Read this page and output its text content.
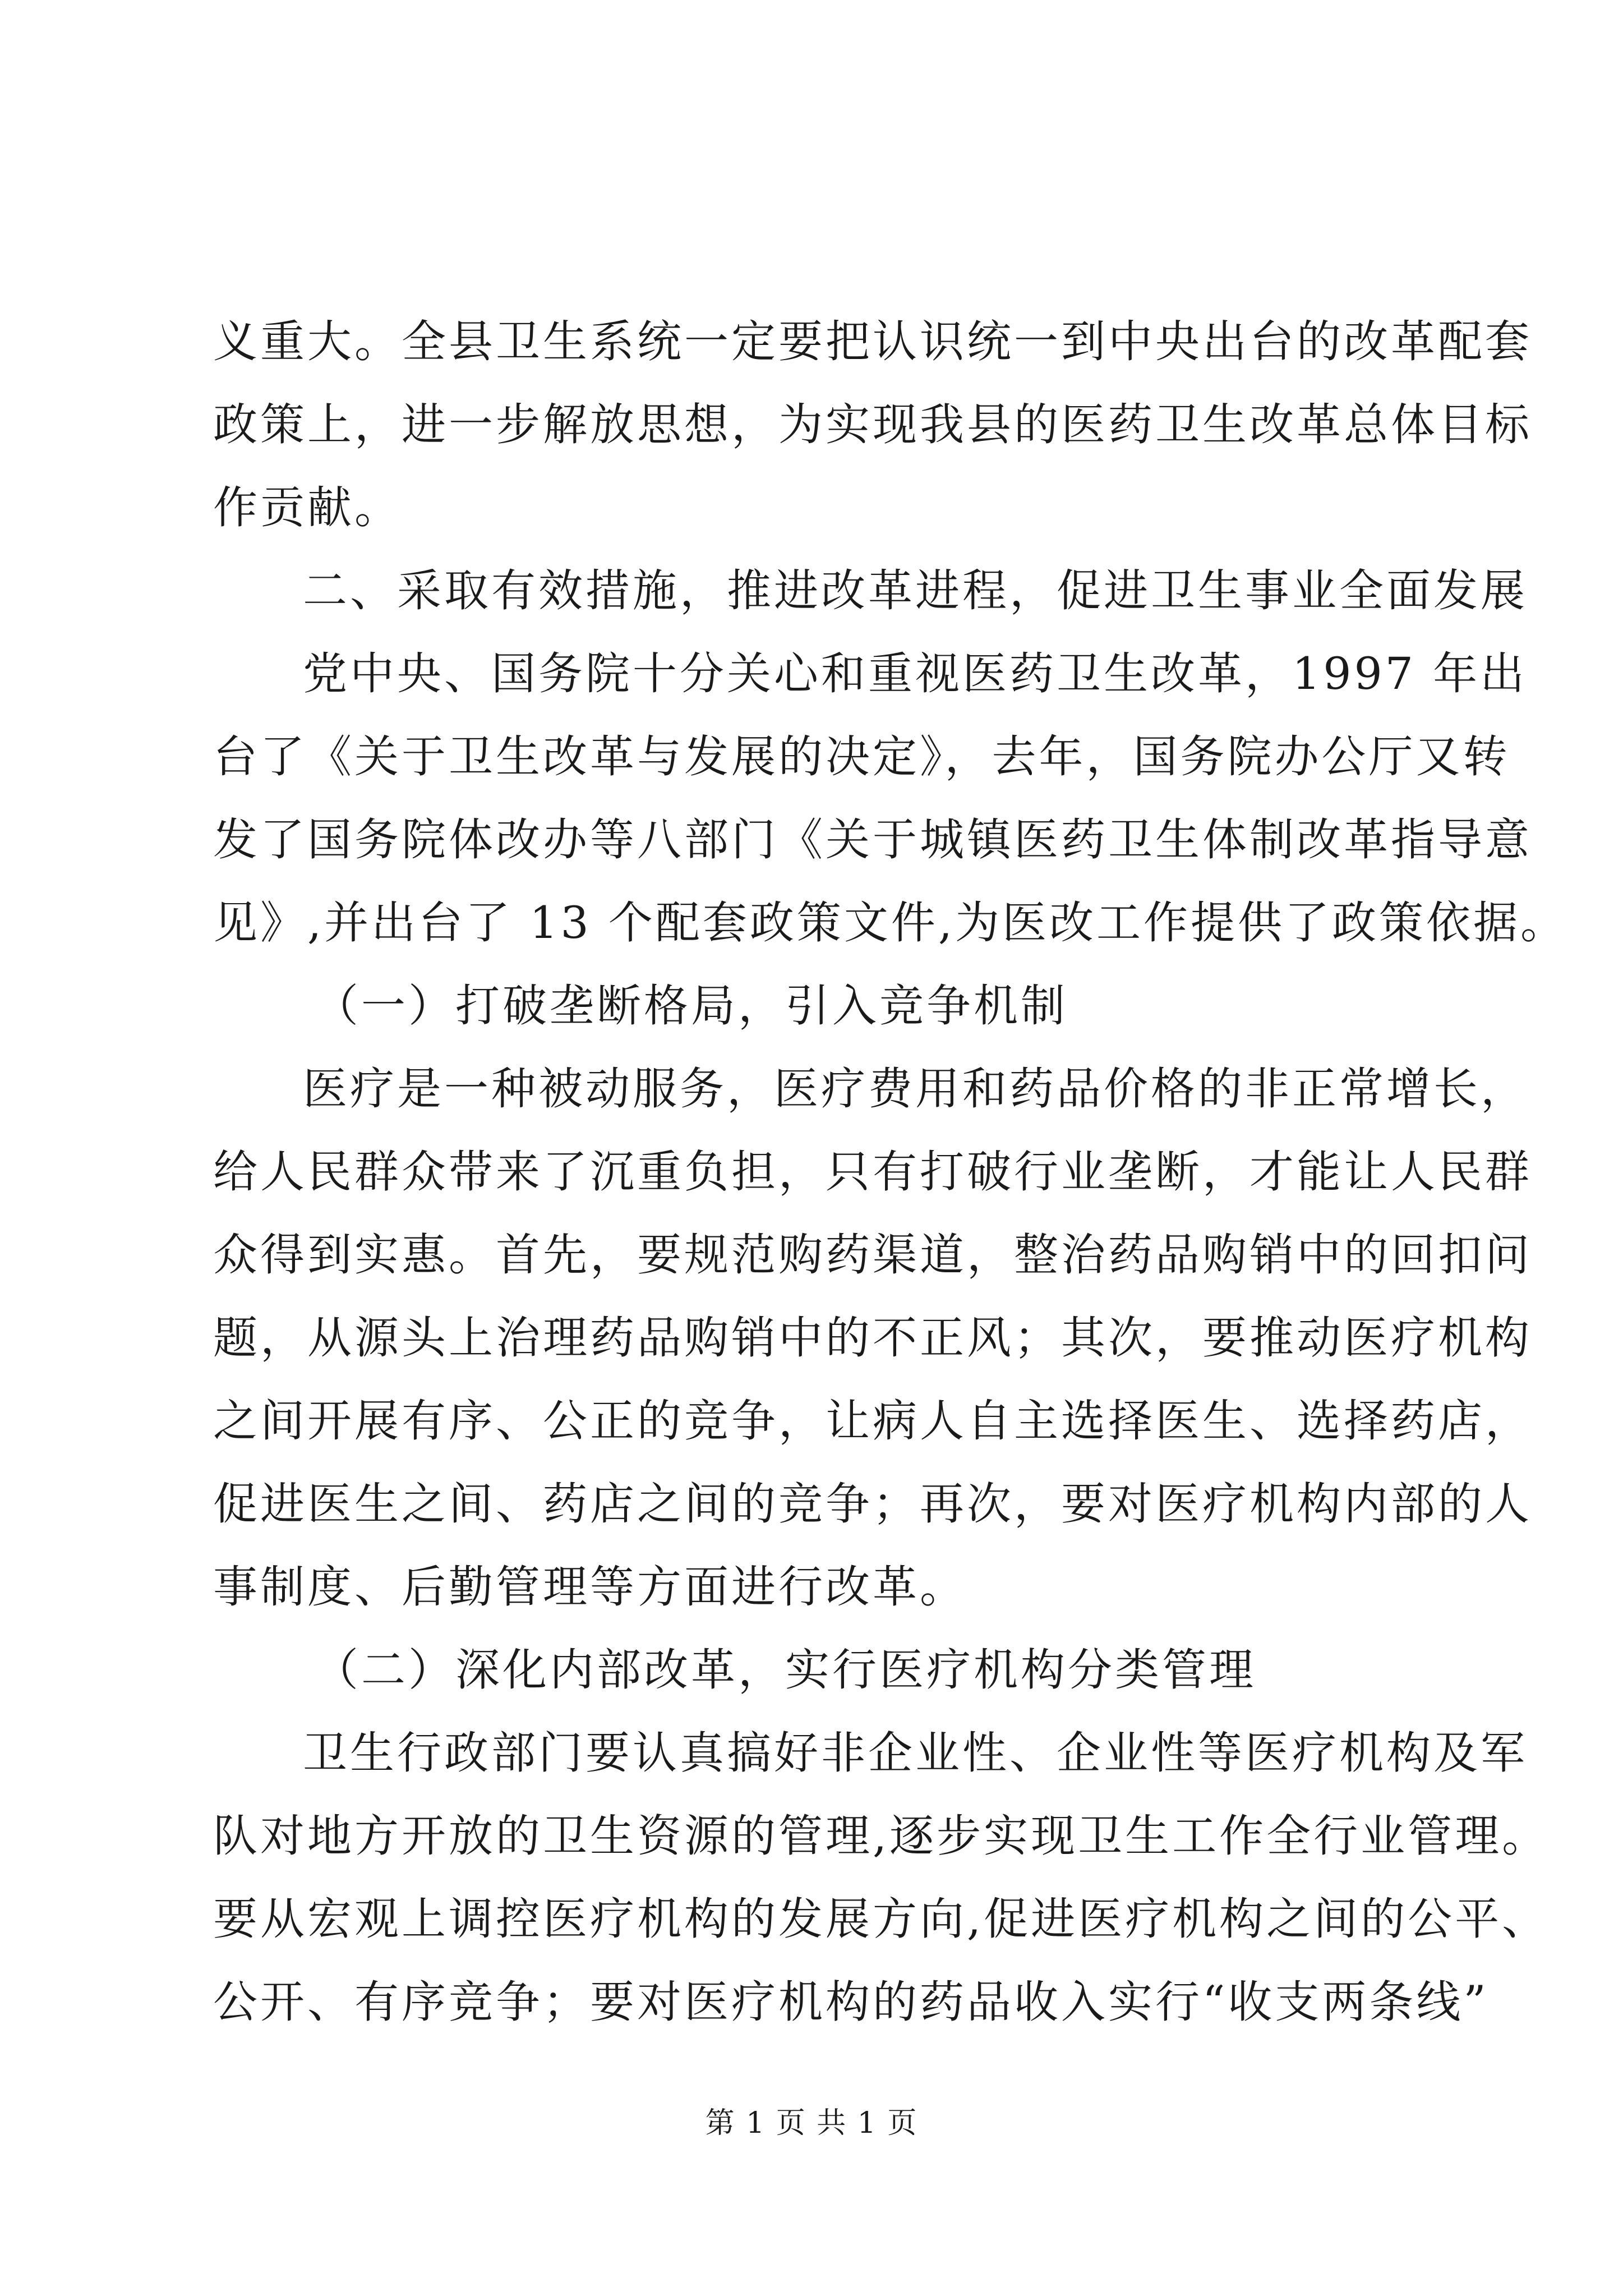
义重大。全县卫生系统一定要把认识统一到中央出台的改革配套
政策上，进一步解放思想，为实现我县的医药卫生改革总体目标
作贡献。
二、采取有效措施，推进改革进程，促进卫生事业全面发展
党中央、国务院十分关心和重视医药卫生改革，1997 年出
台了《关于卫生改革与发展的决定》，去年，国务院办公厅又转
发了国务院体改办等八部门《关于城镇医药卫生体制改革指导意
见》,并出台了 13 个配套政策文件,为医改工作提供了政策依据。
（一）打破垄断格局，引入竞争机制
医疗是一种被动服务，医疗费用和药品价格的非正常增长，
给人民群众带来了沉重负担，只有打破行业垄断，才能让人民群
众得到实惠。首先，要规范购药渠道，整治药品购销中的回扣问
题，从源头上治理药品购销中的不正风；其次，要推动医疗机构
之间开展有序、公正的竞争，让病人自主选择医生、选择药店，
促进医生之间、药店之间的竞争；再次，要对医疗机构内部的人
事制度、后勤管理等方面进行改革。
（二）深化内部改革，实行医疗机构分类管理
卫生行政部门要认真搞好非企业性、企业性等医疗机构及军
队对地方开放的卫生资源的管理,逐步实现卫生工作全行业管理。
要从宏观上调控医疗机构的发展方向,促进医疗机构之间的公平、
公开、有序竞争；要对医疗机构的药品收入实行“收支两条线”
第 1 页 共 1 页
